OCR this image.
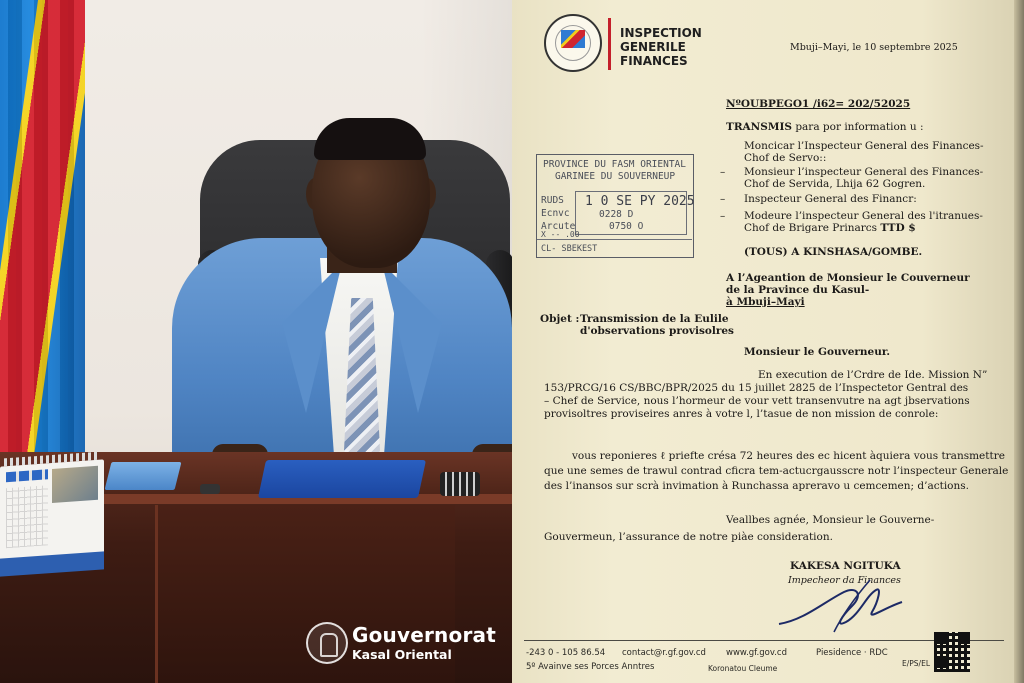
Gouvernorat
Kasal Oriental
INSPECTION
GENERILE
FINANCES
Mbuji–Mayi, le 10 septembre 2025
NºOUBPEGO1 /i62= 202/52025
TRANSMIS para por information u :
Moncicar l’Inspecteur General des Finances-
Chof de Servo::
– Monsieur l’inspecteur General des Finances-
Chof de Servida, Lhija 62 Gogren.
– Inspecteur General des Financr:
– Modeure l’inspecteur General des l'itranues-
Chof de Brigare Prinarcs TTD $
(TOUS) A KINSHASA/GOMBE.
A l’Ageantion de Monsieur le Couverneur
de la Pravince du Kasul-
à Mbuji–Mayi
Objet : Transmission de la Eulile
d'observations provisolres
Monsieur le Gouverneur.
En execution de l’Crdre de Ide. Mission N”
153/PRCG/16 CS/BBC/BPR/2025 du 15 juillet 2825 de l’Inspectetor Gentral des
– Chef de Service, nous l’hormeur de vour vett transenvutre na agt jbservations
provisoltres proviseires anres à votre l, l’tasue de non mission de conrole:
vous reponieres ℓ priefte crésa 72 heures des ec hicent àquiera vous transmettre
que une semes de trawul contrad cficra tem-actucrgausscre notr l’inspecteur Generale
des l’inansos sur scrà invimation à Runchassa apreravo u cemcemen; d’actions.
Veallbes agnée, Monsieur le Gouverne-
Gouvermeun, l’assurance de notre piàe consideration.
KAKESA NGITUKA
Impecheor da Finances
PROVINCE DU FASM ORIENTAL
GARINEE DU SOUVERNEUP
RUDS
Ecnvc
Arcute
1 0 SE PY 2025
0228 D
0750 O
X -- .00
CL- SBEKEST
-243 0 - 105 86.54 contact@r.gf.gov.cd www.gf.gov.cd	Piesidence · RDC
5º Avainve ses Porces Anntres	Koronatou Cleume
E/PS/EL
